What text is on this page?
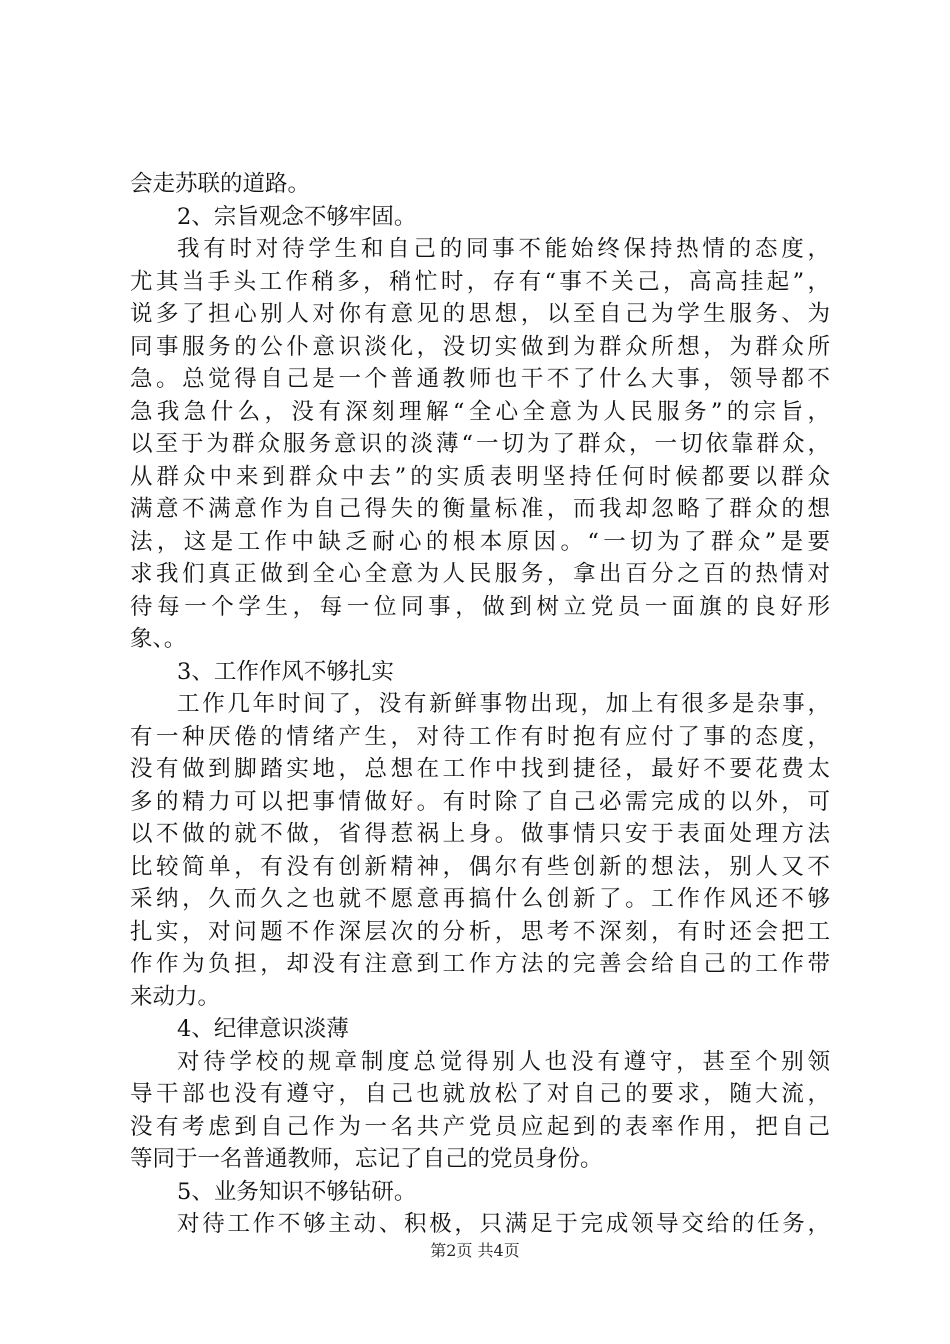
会走苏联的道路。
2、宗旨观念不够牢固。
我有时对待学生和自己的同事不能始终保持热情的态度，
尤其当手头工作稍多，稍忙时，存有“事不关己，高高挂起”，
说多了担心别人对你有意见的思想，以至自己为学生服务、为
同事服务的公仆意识淡化，没切实做到为群众所想，为群众所
急。总觉得自己是一个普通教师也干不了什么大事，领导都不
急我急什么，没有深刻理解“全心全意为人民服务”的宗旨，
以至于为群众服务意识的淡薄“一切为了群众，一切依靠群众，
从群众中来到群众中去”的实质表明坚持任何时候都要以群众
满意不满意作为自己得失的衡量标准，而我却忽略了群众的想
法，这是工作中缺乏耐心的根本原因。“一切为了群众”是要
求我们真正做到全心全意为人民服务，拿出百分之百的热情对
待每一个学生，每一位同事，做到树立党员一面旗的良好形
象、。
3、工作作风不够扎实
工作几年时间了，没有新鲜事物出现，加上有很多是杂事，
有一种厌倦的情绪产生，对待工作有时抱有应付了事的态度，
没有做到脚踏实地，总想在工作中找到捷径，最好不要花费太
多的精力可以把事情做好。有时除了自己必需完成的以外，可
以不做的就不做，省得惹祸上身。做事情只安于表面处理方法
比较简单，有没有创新精神，偶尔有些创新的想法，别人又不
采纳，久而久之也就不愿意再搞什么创新了。工作作风还不够
扎实，对问题不作深层次的分析，思考不深刻，有时还会把工
作作为负担，却没有注意到工作方法的完善会给自己的工作带
来动力。
4、纪律意识淡薄
对待学校的规章制度总觉得别人也没有遵守，甚至个别领
导干部也没有遵守，自己也就放松了对自己的要求，随大流，
没有考虑到自己作为一名共产党员应起到的表率作用，把自己
等同于一名普通教师，忘记了自己的党员身份。
5、业务知识不够钻研。
对待工作不够主动、积极，只满足于完成领导交给的任务，
第2页 共4页
